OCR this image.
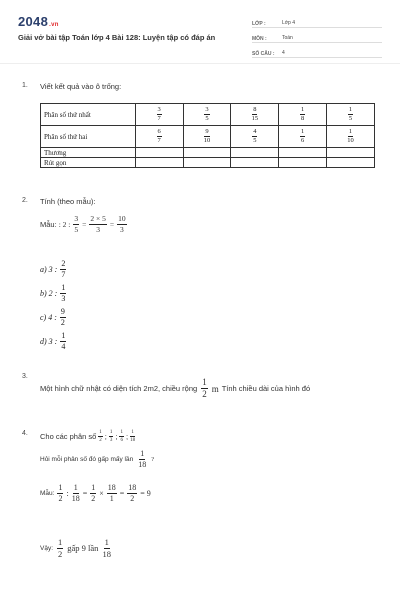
2048.vn
Giải vở bài tập Toán lớp 4 Bài 128: Luyện tập có đáp án
LỚP :	Lớp 4
MÔN :	Toán
SỐ CÂU :	4
1. Viết kết quả vào ô trống:
Phân số thứ nhất	$\frac{3}{7}$	$\frac{3}{5}$	$\frac{8}{15}$	$\frac{1}{8}$	$\frac{1}{5}$

Phân số thứ hai	$\frac{6}{7}$	$\frac{9}{10}$	$\frac{4}{5}$	$\frac{1}{6}$	$\frac{1}{10}$

Thương					
Rút gọn					
2. Tính (theo mẫu):
Mẫu: : 2 : $\frac{3}{5} = \frac{2 \times 5}{3} = \frac{10}{3}$
a) 3 : $\frac{2}{7}$
b) 2 : $\frac{1}{3}$
c) 4 : $\frac{9}{2}$
d) 3 : $\frac{1}{4}$
3.
Một hình chữ nhật có diện tích 2m2, chiều rộng $\frac{1}{2}$ m Tính chiều dài của hình đó
4. Cho các phân số $\frac{1}{2}$ ; $\frac{1}{3}$ ; $\frac{1}{6}$ ; $\frac{1}{18}$
Hỏi mỗi phân số đó gấp mấy lần $\frac{1}{18}$ ?
Mẫu: $\frac{1}{2}$ : $\frac{1}{18} = \frac{1}{2} \times \frac{18}{1} = \frac{18}{2} = 9$
Vậy: $\frac{1}{2}$ gấp 9 lần $\frac{1}{18}$
